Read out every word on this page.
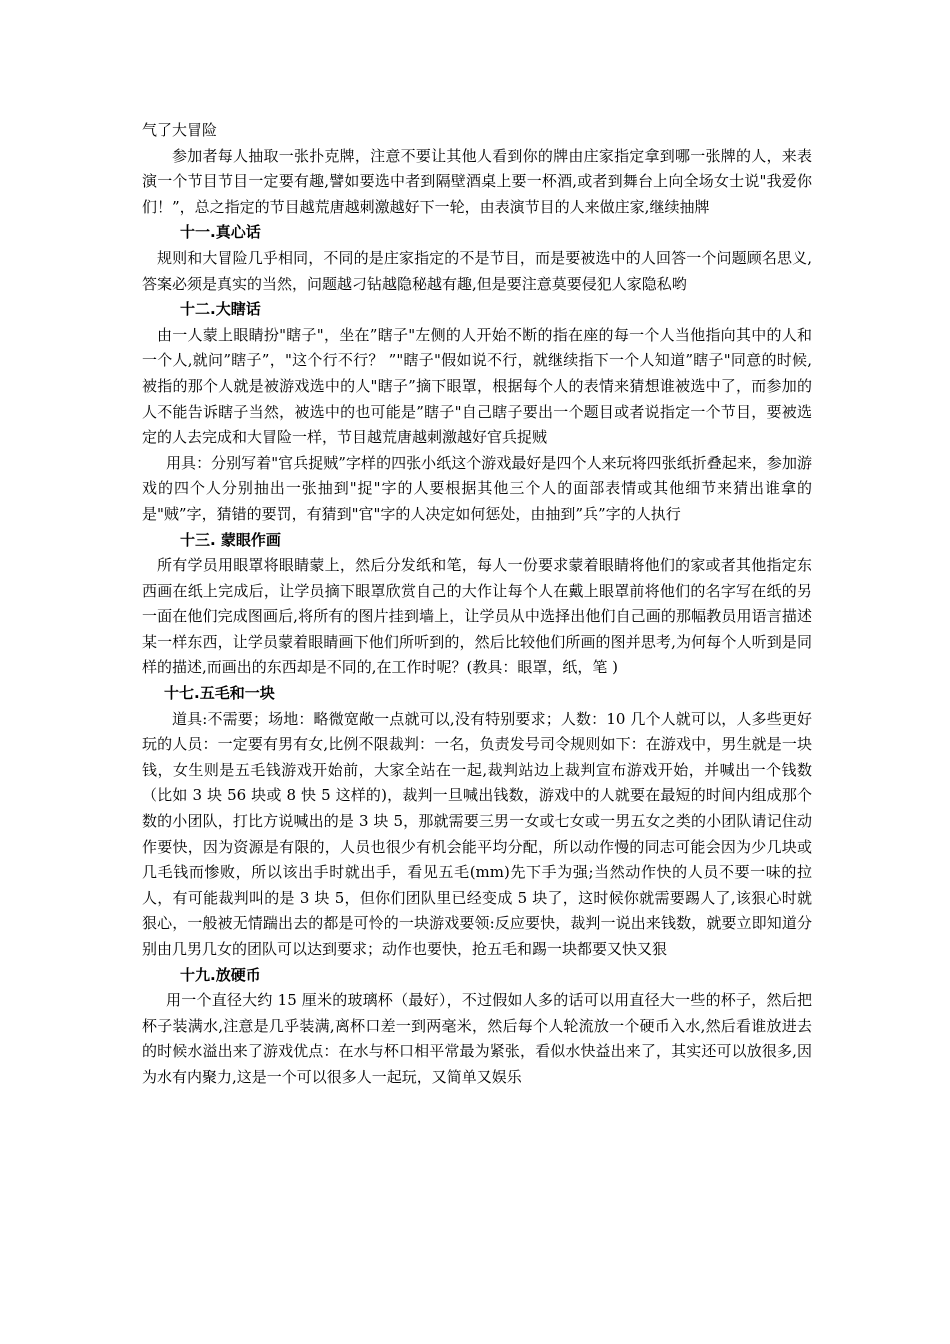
气了大冒险

参加者每人抽取一张扑克牌，注意不要让其他人看到你的牌由庄家指定拿到哪一张牌的人，来表演一个节目节目一定要有趣,譬如要选中者到隔壁酒桌上要一杯酒,或者到舞台上向全场女士说"我爱你们！”，总之指定的节目越荒唐越刺激越好下一轮，由表演节目的人来做庄家,继续抽牌

十一.真心话

规则和大冒险几乎相同，不同的是庄家指定的不是节目，而是要被选中的人回答一个问题顾名思义,答案必须是真实的当然，问题越刁钻越隐秘越有趣,但是要注意莫要侵犯人家隐私哟

十二.大瞎话

由一人蒙上眼睛扮"瞎子"，坐在”瞎子"左侧的人开始不断的指在座的每一个人当他指向其中的人和一个人,就问”瞎子”，"这个行不行？ ”"瞎子"假如说不行，就继续指下一个人知道”瞎子"同意的时候,被指的那个人就是被游戏选中的人"瞎子”摘下眼罩，根据每个人的表情来猜想谁被选中了，而参加的人不能告诉瞎子当然，被选中的也可能是”瞎子"自己瞎子要出一个题目或者说指定一个节目，要被选定的人去完成和大冒险一样，节目越荒唐越刺激越好官兵捉贼

用具：分别写着"官兵捉贼”字样的四张小纸这个游戏最好是四个人来玩将四张纸折叠起来，参加游戏的四个人分别抽出一张抽到"捉"字的人要根据其他三个人的面部表情或其他细节来猜出谁拿的是"贼”字，猜错的要罚，有猜到"官"字的人决定如何惩处，由抽到”兵”字的人执行

十三. 蒙眼作画

所有学员用眼罩将眼睛蒙上，然后分发纸和笔，每人一份要求蒙着眼睛将他们的家或者其他指定东西画在纸上完成后，让学员摘下眼罩欣赏自己的大作让每个人在戴上眼罩前将他们的名字写在纸的另一面在他们完成图画后,将所有的图片挂到墙上，让学员从中选择出他们自己画的那幅教员用语言描述某一样东西，让学员蒙着眼睛画下他们所听到的，然后比较他们所画的图并思考,为何每个人听到是同样的描述,而画出的东西却是不同的,在工作时呢？(教具：眼罩，纸，笔 )

十七.五毛和一块

道具:不需要；场地：略微宽敞一点就可以,没有特别要求；人数：10 几个人就可以，人多些更好玩的人员：一定要有男有女,比例不限裁判：一名，负责发号司令规则如下：在游戏中，男生就是一块钱，女生则是五毛钱游戏开始前，大家全站在一起,裁判站边上裁判宣布游戏开始，并喊出一个钱数（比如 3 块 56 块或 8 快 5 这样的)，裁判一旦喊出钱数，游戏中的人就要在最短的时间内组成那个数的小团队，打比方说喊出的是 3 块 5，那就需要三男一女或七女或一男五女之类的小团队请记住动作要快，因为资源是有限的，人员也很少有机会能平均分配，所以动作慢的同志可能会因为少几块或几毛钱而惨败，所以该出手时就出手，看见五毛(mm)先下手为强;当然动作快的人员不要一味的拉人，有可能裁判叫的是 3 块 5，但你们团队里已经变成 5 块了，这时候你就需要踢人了,该狠心时就狠心，一般被无情踹出去的都是可怜的一块游戏要领:反应要快，裁判一说出来钱数，就要立即知道分别由几男几女的团队可以达到要求；动作也要快，抢五毛和踢一块都要又快又狠

十九.放硬币

用一个直径大约 15 厘米的玻璃杯（最好），不过假如人多的话可以用直径大一些的杯子，然后把杯子装满水,注意是几乎装满,离杯口差一到两毫米，然后每个人轮流放一个硬币入水,然后看谁放进去的时候水溢出来了游戏优点：在水与杯口相平常最为紧张，看似水快益出来了，其实还可以放很多,因为水有内聚力,这是一个可以很多人一起玩，又简单又娱乐
